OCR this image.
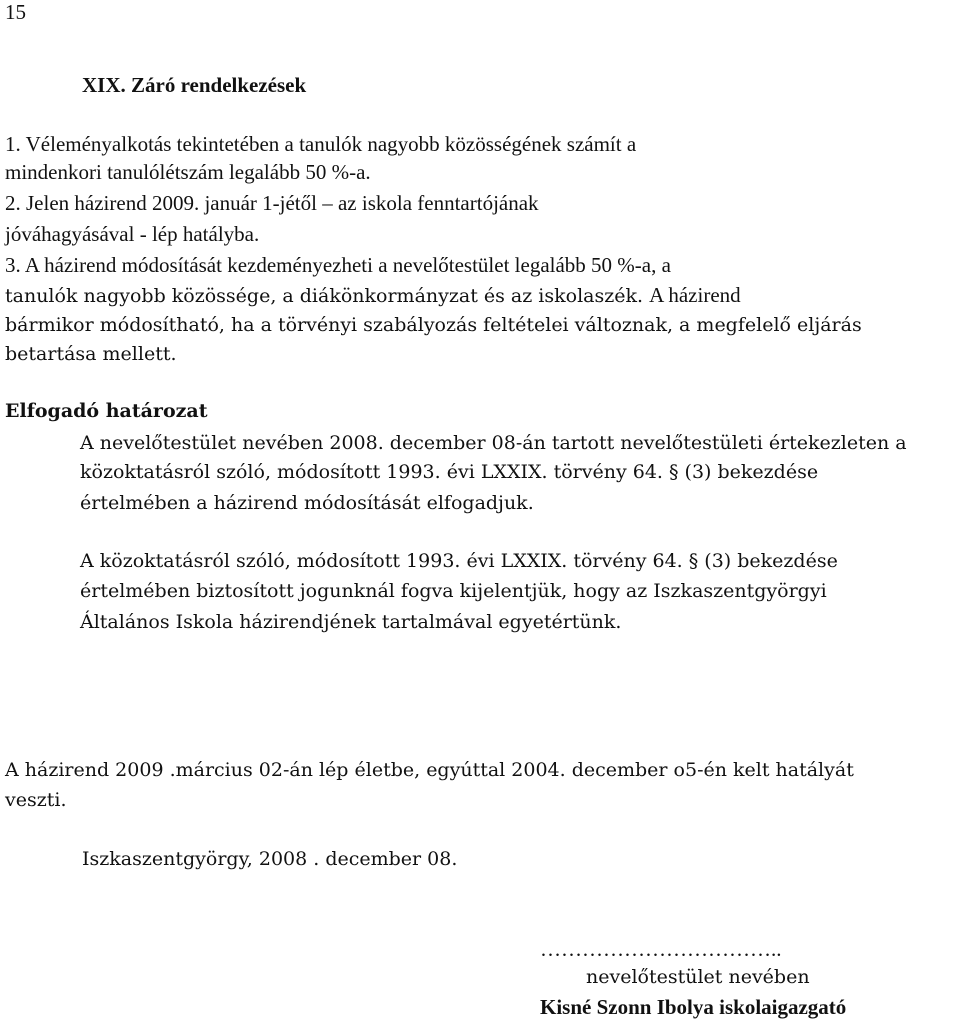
15
XIX. Záró rendelkezések
1. Véleményalkotás tekintetében a tanulók nagyobb közösségének számít a
mindenkori tanulólétszám legalább 50 %-a.
2. Jelen házirend 2009. január 1-jétől – az iskola fenntartójának
jóváhagyásával - lép hatályba.
3. A házirend módosítását kezdeményezheti a nevelőtestület legalább 50 %-a, a
tanulók nagyobb közössége, a diákönkormányzat és az iskolaszék. A házirend
bármikor módosítható, ha a törvényi szabályozás feltételei változnak, a megfelelő eljárás
betartása mellett.
Elfogadó határozat
A nevelőtestület nevében 2008. december 08-án tartott nevelőtestületi értekezleten a
közoktatásról szóló, módosított 1993. évi LXXIX. törvény 64. § (3) bekezdése
értelmében a házirend módosítását elfogadjuk.
A közoktatásról szóló, módosított 1993. évi LXXIX. törvény 64. § (3) bekezdése
értelmében biztosított jogunknál fogva kijelentjük, hogy az Iszkaszentgyörgyi
Általános Iskola házirendjének tartalmával egyetértünk.
A házirend 2009 .március 02-án lép életbe, egyúttal 2004. december o5-én kelt hatályát
veszti.
Iszkaszentgyörgy, 2008 . december 08.
……………………………..
nevelőtestület nevében
Kisné Szonn Ibolya iskolaigazgató
